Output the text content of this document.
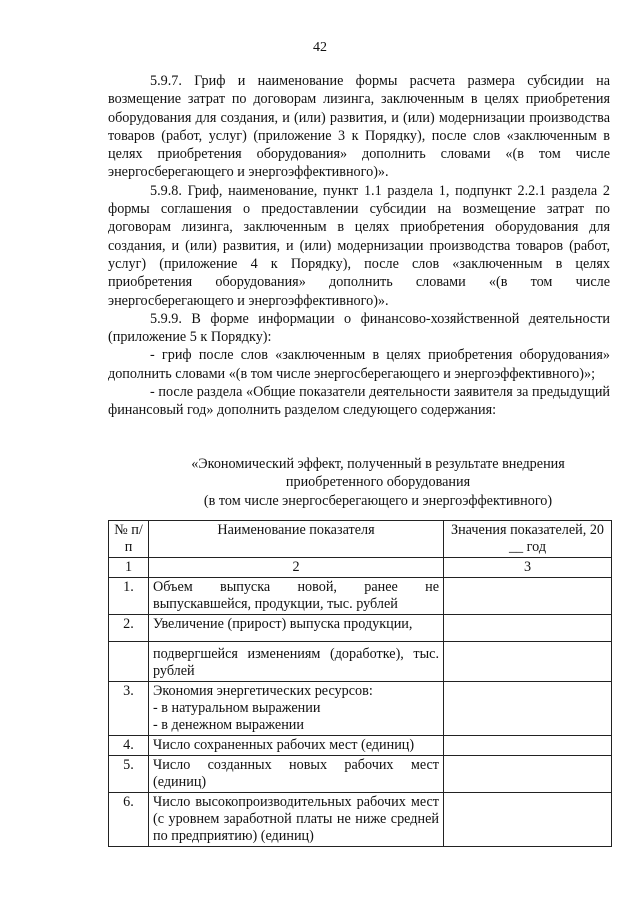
42

5.9.7. Гриф и наименование формы расчета размера субсидии на возмещение затрат по договорам лизинга, заключенным в целях приобретения оборудования для создания, и (или) развития, и (или) модернизации производства товаров (работ, услуг) (приложение 3 к Порядку), после слов «заключенным в целях приобретения оборудования» дополнить словами «(в том числе энергосберегающего и энергоэффективного)».

5.9.8. Гриф, наименование, пункт 1.1 раздела 1, подпункт 2.2.1 раздела 2 формы соглашения о предоставлении субсидии на возмещение затрат по договорам лизинга, заключенным в целях приобретения оборудования для создания, и (или) развития, и (или) модернизации производства товаров (работ, услуг) (приложение 4 к Порядку), после слов «заключенным в целях приобретения оборудования» дополнить словами «(в том числе энергосберегающего и энергоэффективного)».

5.9.9. В форме информации о финансово-хозяйственной деятельности (приложение 5 к Порядку):

- гриф после слов «заключенным в целях приобретения оборудования» дополнить словами «(в том числе энергосберегающего и энергоэффективного)»;

- после раздела «Общие показатели деятельности заявителя за предыдущий финансовый год» дополнить разделом следующего содержания:

«Экономический эффект, полученный в результате внедрения
приобретенного оборудования
(в том числе энергосберегающего и энергоэффективного)
№ п/п	Наименование показателя	Значения показателей, 20 __ год
1	2	3
1.	Объем выпуска новой, ранее не выпускавшейся, продукции, тыс. рублей	
2.	Увеличение (прирост) выпуска продукции,	
	подвергшейся изменениям (доработке), тыс. рублей	
3.	Экономия энергетических ресурсов:
- в натуральном выражении
- в денежном выражении	

4.	Число сохраненных рабочих мест (единиц)	
5.	Число созданных новых рабочих мест (единиц)	
6.	Число высокопроизводительных рабочих мест (с уровнем заработной платы не ниже средней по предприятию) (единиц)	
